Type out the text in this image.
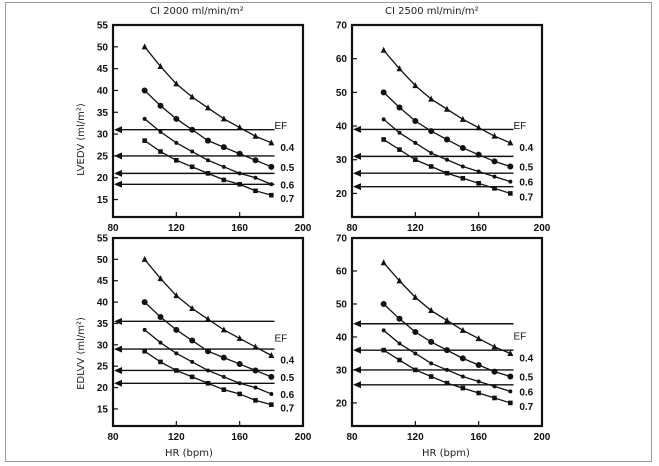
CI 2000 ml/min/m²	CI 2500 ml/min/m²
LVEDV (ml/m²)
EDLVV (ml/m²)
HR (bpm)	HR (bpm)
15
20
25
30
35
40
45
50
55
80	120	160	200
0.4
0.5
0.6
0.7
EF
20
30
40
50
60
70
80	120	160	200
0.4
0.5
0.6
0.7
EF
15
20
25
30
35
40
45
50
55
80	120	160	200
0.4
0.5
0.6
0.7
EF
20
30
40
50
60
70
80	120	160	200
0.4
0.5
0.6
0.7
EF
